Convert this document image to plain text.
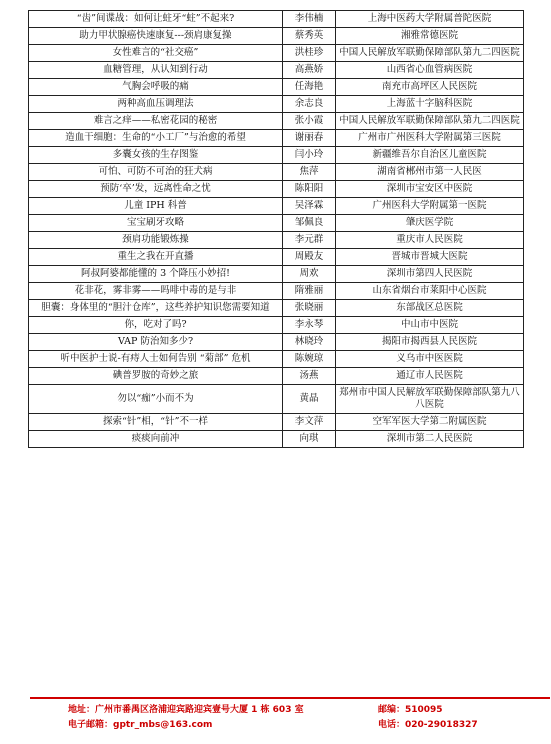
“齿”间谍战：如何让蛀牙“蛀”不起来?	李伟楠	上海中医药大学附属普陀医院
助力甲状腺癌快速康复---颈肩康复操	蔡秀英	湘雅常德医院
女性难言的“社交癌”	洪桂珍	中国人民解放军联勤保障部队第九二四医院
血糖管理，从认知到行动	高燕娇	山西省心血管病医院
气胸会呼吸的痛	任海艳	南充市高坪区人民医院
两种高血压调理法	余志良	上海蓝十字脑科医院
难言之痒——私密花园的秘密	张小霞	中国人民解放军联勤保障部队第九二四医院
造血干细胞：生命的“小工厂”与治愈的希望	谢丽春	广州市广州医科大学附属第三医院
多囊女孩的生存图鉴	闫小玲	新疆维吾尔自治区儿童医院
可怕、可防不可治的狂犬病	焦萍	湖南省郴州市第一人民医
预防‘卒’发，远离性命之忧	陈阳阳	深圳市宝安区中医院
儿童 IPH 科普	吴泽霖	广州医科大学附属第一医院
宝宝刷牙攻略	邹佩良	肇庆医学院
颈肩功能锻炼操	李元群	重庆市人民医院
重生之我在开直播	周殿友	晋城市晋城大医院
阿叔阿婆都能懂的 3 个降压小妙招!	周欢	深圳市第四人民医院
花非花，雾非雾——吗啡中毒的是与非	隋雅丽	山东省烟台市莱阳中心医院
胆囊：身体里的“胆汁仓库”，这些养护知识您需要知道	张晓丽	东部战区总医院
你，吃对了吗?	李永琴	中山市中医院
VAP 防治知多少?	林晓玲	揭阳市揭西县人民医院
听中医护士说-有痔人士如何告别 “菊部” 危机	陈婉琼	义乌市中医医院
碘普罗胺的奇妙之旅	汤燕	通辽市人民医院
勿以“痂”小而不为	黄晶	郑州市中国人民解放军联勤保障部队第九八八医院
探索“针”相，“针”不一样	李文萍	空军军医大学第二附属医院
痰痰向前冲	向琪	深圳市第二人民医院
地址：广州市番禺区洛浦迎宾路迎宾壹号大厦 1 栋 603 室	邮编：510095
电子邮箱：gptr_mbs@163.com	电话：020-29018327
